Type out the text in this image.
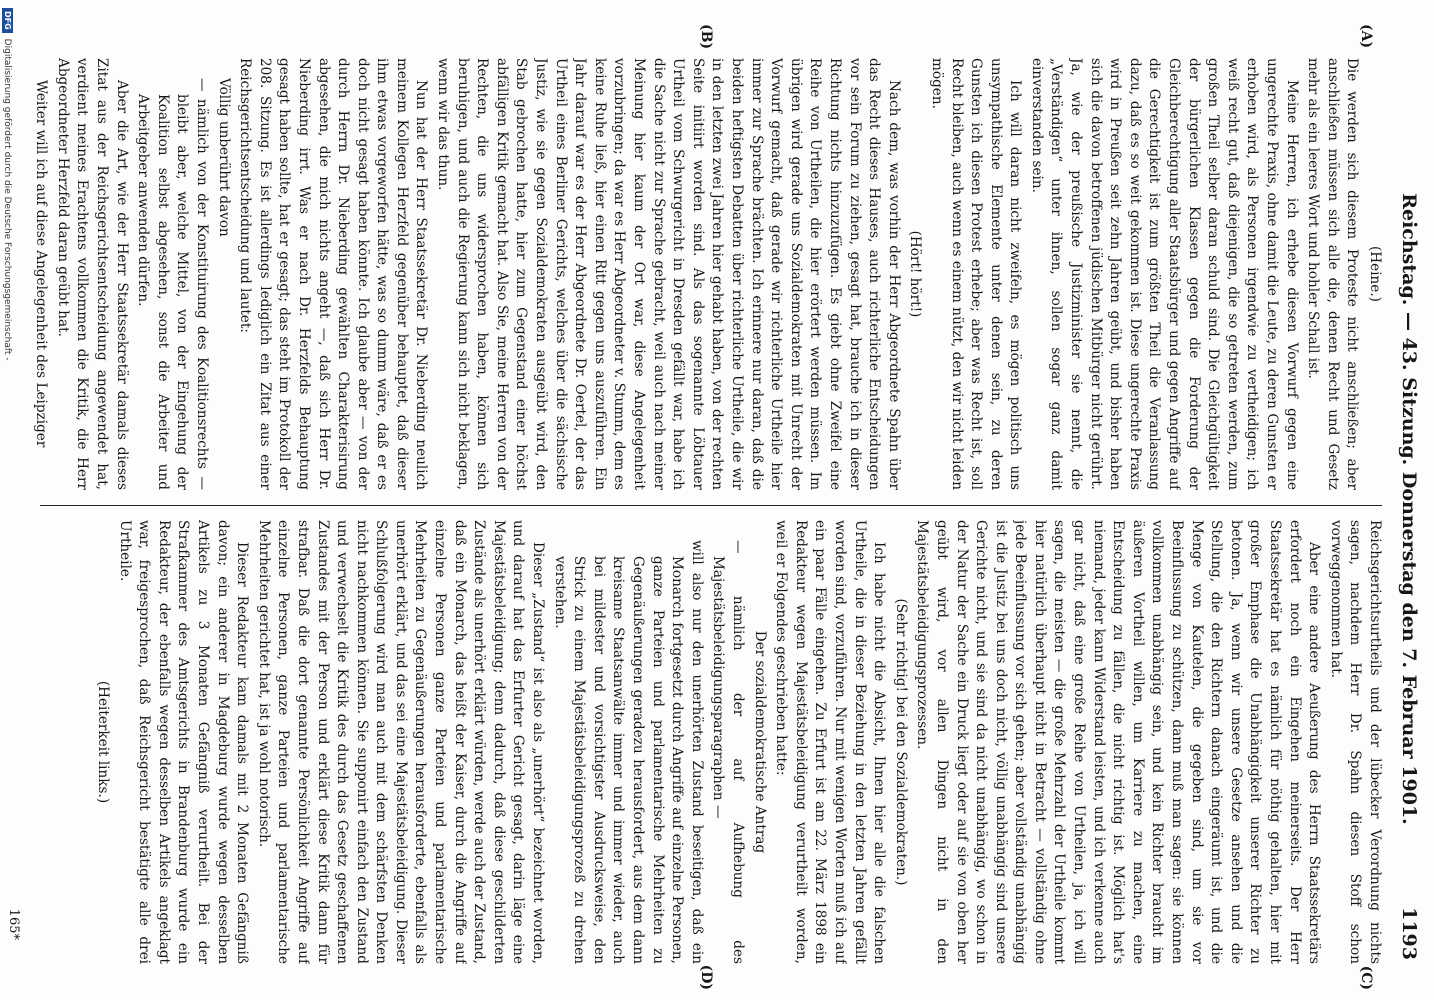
Reichstag. — 43. Sitzung. Donnerstag den 7. Februar 1901.
1193
(A)
(B)
(C)
(D)

(Heine.)

Die werden sich diesem Proteste nicht anschließen; aber anschließen müssen sich alle die, denen Recht und Gesetz mehr als ein leeres Wort und hohler Schall ist.

Meine Herren, ich erhebe diesen Vorwurf gegen eine ungerechte Praxis, ohne damit die Leute, zu deren Gunsten er erhoben wird, als Personen irgendwie zu vertheidigen; ich weiß recht gut, daß diejenigen, die so getreten werden, zum großen Theil selber daran schuld sind. Die Gleichgültigkeit der bürgerlichen Klassen gegen die Forderung der Gleichberechtigung aller Staatsbürger und gegen Angriffe auf die Gerechtigkeit ist zum größten Theil die Veranlassung dazu, daß es so weit gekommen ist. Diese ungerechte Praxis wird in Preußen seit zehn Jahren geübt, und bisher haben sich die davon betroffenen jüdischen Mitbürger nicht gerührt. Ja, wie der preußische Justizminister sie nennt, die „Verständigen“ unter ihnen, sollen sogar ganz damit einverstanden sein.

Ich will daran nicht zweifeln, es mögen politisch uns unsympathische Elemente unter denen sein, zu deren Gunsten ich diesen Protest erhebe; aber was Recht ist, soll Recht bleiben, auch wenn es einem nützt, den wir nicht leiden mögen.

(Hört! hört!)

Nach dem, was vorhin der Herr Abgeordnete Spahn über das Recht dieses Hauses, auch richterliche Entscheidungen vor sein Forum zu ziehen, gesagt hat, brauche ich in dieser Richtung nichts hinzuzufügen. Es giebt ohne Zweifel eine Reihe von Urtheilen, die hier erörtert werden müssen. Im übrigen wird gerade uns Sozialdemokraten mit Unrecht der Vorwurf gemacht, daß gerade wir richterliche Urtheile hier immer zur Sprache brächten. Ich erinnere nur daran, daß die beiden heftigsten Debatten über richterliche Urtheile, die wir in den letzten zwei Jahren hier gehabt haben, von der rechten Seite initiirt worden sind. Als das sogenannte Löbtauer Urtheil vom Schwurgericht in Dresden gefällt war, habe ich die Sache nicht zur Sprache gebracht, weil auch nach meiner Meinung hier kaum der Ort war, diese Angelegenheit vorzubringen; da war es Herr Abgeordneter v. Stumm, dem es keine Ruhe ließ, hier einen Ritt gegen uns auszuführen. Ein Jahr darauf war es der Herr Abgeordnete Dr. Oertel, der das Urtheil eines Berliner Gerichts, welches über die sächsische Justiz, wie sie gegen Sozialdemokraten ausgeübt wird, den Stab gebrochen hatte, hier zum Gegenstand einer höchst abfälligen Kritik gemacht hat. Also Sie, meine Herren von der Rechten, die uns widersprochen haben, können sich beruhigen, und auch die Regierung kann sich nicht beklagen, wenn wir das thun.

Nun hat der Herr Staatssekretär Dr. Nieberding neulich meinem Kollegen Herzfeld gegenüber behauptet, daß dieser ihm etwas vorgeworfen hätte, was so dumm wäre, daß er es doch nicht gesagt haben könnte. Ich glaube aber — von der durch Herrn Dr. Nieberding gewählten Charakterisirung abgesehen, die mich nichts angeht —, daß sich Herr Dr. Nieberding irrt. Was er nach Dr. Herzfelds Behauptung gesagt haben sollte, hat er gesagt; das steht im Protokoll der 208. Sitzung. Es ist allerdings lediglich ein Zitat aus einer Reichsgerichtsentscheidung und lautet:

Völlig unberührt davon

— nämlich von der Konstituirung des Koalitionsrechts — bleibt aber, welche Mittel, von der Eingehung der Koalition selbst abgesehen, sonst die Arbeiter und Arbeitgeber anwenden dürfen.

Aber die Art, wie der Herr Staatssekretär damals dieses Zitat aus der Reichsgerichtsentscheidung angewendet hat, verdient meines Erachtens vollkommen die Kritik, die Herr Abgeordneter Herzfeld daran geübt hat.

Weiter will ich auf diese Angelegenheit des Leipziger

Reichsgerichtsurtheils und der lübecker Verordnung nichts sagen, nachdem Herr Dr. Spahn diesen Stoff schon vorweggenommen hat.

Aber eine andere Aeußerung des Herrn Staatssekretärs erfordert noch ein Eingehen meinerseits. Der Herr Staatssekretär hat es nämlich für nöthig gehalten, hier mit großer Emphase die Unabhängigkeit unserer Richter zu betonen. Ja, wenn wir unsere Gesetze ansehen und die Stellung, die den Richtern danach eingeräumt ist, und die Menge von Kautelen, die gegeben sind, um sie vor Beeinflussung zu schützen, dann muß man sagen: sie können vollkommen unabhängig sein, und kein Richter braucht im äußeren Vortheil willen, um Karriere zu machen, eine Entscheidung zu fällen, die nicht richtig ist. Möglich hat's niemand, jeder kann Widerstand leisten, und ich verkenne auch gar nicht, daß eine große Reihe von Urtheilen, ja, ich will sagen, die meisten — die große Mehrzahl der Urtheile kommt hier natürlich überhaupt nicht in Betracht — vollständig ohne jede Beeinflussung vor sich gehen; aber vollständig unabhängig ist die Justiz bei uns doch nicht, völlig unabhängig sind unsere Gerichte nicht, und sie sind da nicht unabhängig, wo schon in der Natur der Sache ein Druck liegt oder auf sie von oben her geübt wird, vor allen Dingen nicht in den Majestätsbeleidigungsprozessen.

(Sehr richtig! bei den Sozialdemokraten.)

Ich habe nicht die Absicht, Ihnen hier alle die falschen Urtheile, die in dieser Beziehung in den letzten Jahren gefällt worden sind, vorzuführen. Nur mit wenigen Worten muß ich auf ein paar Fälle eingehen. Zu Erfurt ist am 22. März 1898 ein Redakteur wegen Majestätsbeleidigung verurtheilt worden, weil er Folgendes geschrieben hatte:

Der sozialdemokratische Antrag

— nämlich der auf Aufhebung des Majestätsbeleidigungsparagraphen —

will also nur den unerhörten Zustand beseitigen, daß ein Monarch fortgesetzt durch Angriffe auf einzelne Personen, ganze Parteien und parlamentarische Mehrheiten zu Gegenäußerungen geradezu herausfordert, aus dem dann kreisame Staatsanwälte immer und immer wieder, auch bei mildester und vorsichtigster Ausdrucksweise, den Strick zu einem Majestätsbeleidigungsprozeß zu drehen verstehen.

Dieser „Zustand“ ist also als „unerhört“ bezeichnet worden, und darauf hat das Erfurter Gericht gesagt, darin läge eine Majestätsbeleidigung; denn dadurch, daß diese geschilderten Zustände als unerhört erklärt würden, werde auch der Zustand, daß ein Monarch, das heißt der Kaiser, durch die Angriffe auf einzelne Personen ganze Parteien und parlamentarische Mehrheiten zu Gegenäußerungen herausforderte, ebenfalls als unerhört erklärt, und das sei eine Majestätsbeleidigung. Dieser Schlußfolgerung wird man auch mit dem schärfsten Denken nicht nachkommen können. Sie supponirt einfach den Zustand und verwechselt die Kritik des durch das Gesetz geschaffenen Zustandes mit der Person und erklärt diese Kritik dann für strafbar. Daß die dort genannte Persönlichkeit Angriffe auf einzelne Personen, ganze Parteien und parlamentarische Mehrheiten gerichtet hat, ist ja wohl notorisch.

Dieser Redakteur kam damals mit 2 Monaten Gefängniß davon; ein anderer in Magdeburg wurde wegen desselben Artikels zu 3 Monaten Gefängniß verurtheilt. Bei der Strafkammer des Amtsgerichts in Brandenburg wurde ein Redakteur, der ebenfalls wegen desselben Artikels angeklagt war, freigesprochen, daß Reichsgericht bestätigte alle drei Urtheile.

(Heiterkeit links.)

165*
DFG
Digitalisierung gefördert durch die Deutsche Forschungsgemeinschaft -
